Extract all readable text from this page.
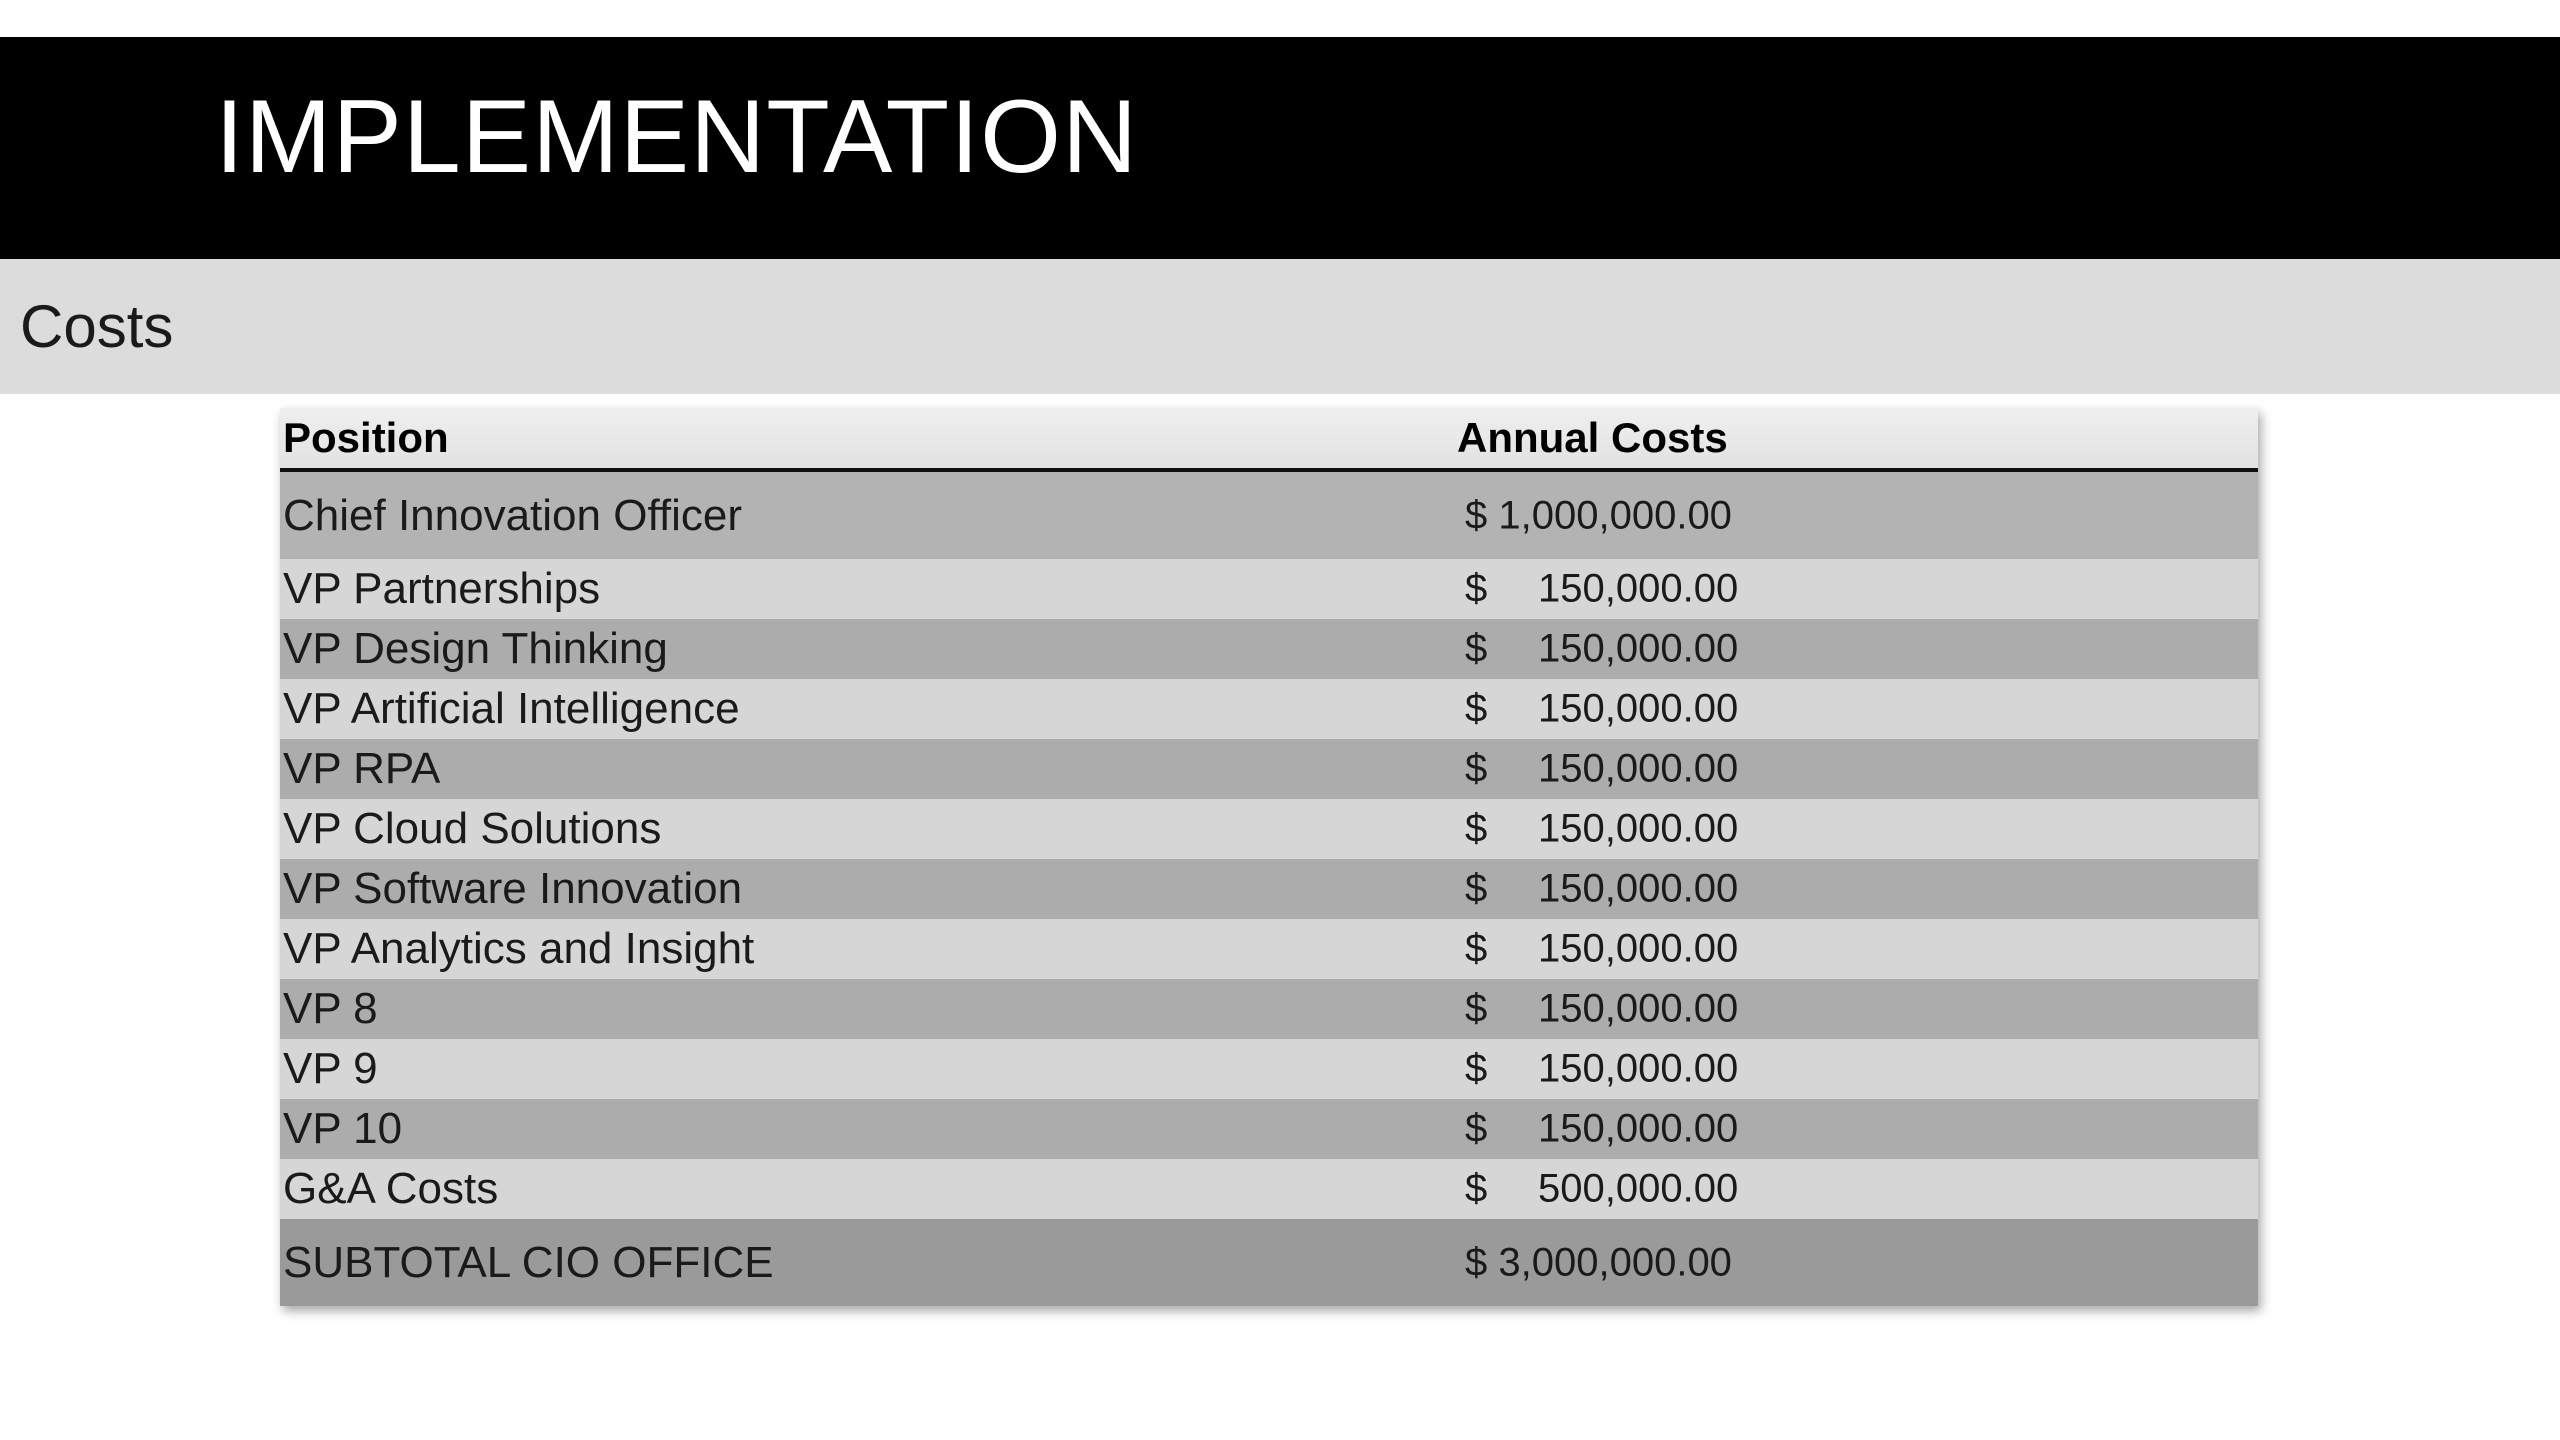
IMPLEMENTATION
Costs
Position	Annual Costs
Chief Innovation Officer	$ 1,000,000.00
VP Partnerships	$ 150,000.00
VP Design Thinking	$ 150,000.00
VP Artificial Intelligence	$ 150,000.00
VP RPA	$ 150,000.00
VP Cloud Solutions	$ 150,000.00
VP Software Innovation	$ 150,000.00
VP Analytics and Insight	$ 150,000.00
VP 8	$ 150,000.00
VP 9	$ 150,000.00
VP 10	$ 150,000.00
G&A Costs	$ 500,000.00
SUBTOTAL CIO OFFICE	$ 3,000,000.00
